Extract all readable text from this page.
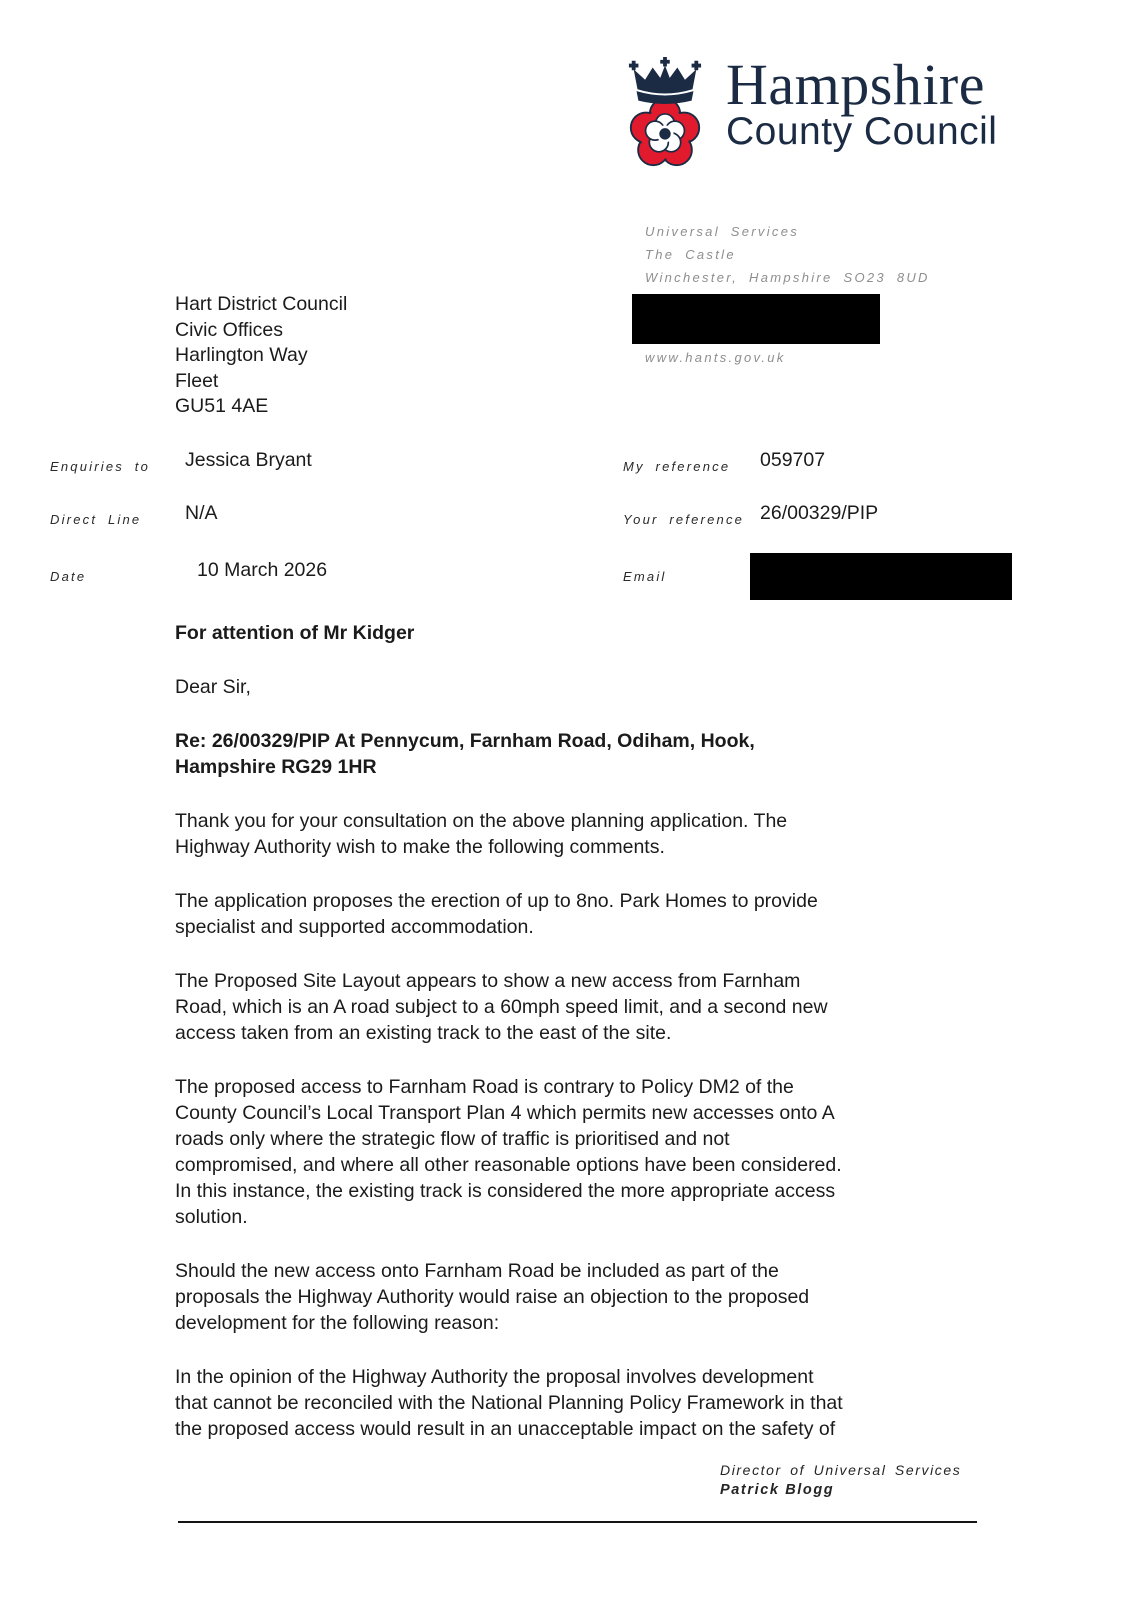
Hampshire
County Council
Universal Services
The Castle
Winchester, Hampshire SO23 8UD
www.hants.gov.uk
Hart District Council
Civic Offices
Harlington Way
Fleet
GU51 4AE
Enquiries to Jessica Bryant
Direct Line N/A
Date	10 March 2026
My reference 059707
Your reference 26/00329/PIP
Email
For attention of Mr Kidger
Dear Sir,
Re: 26/00329/PIP At Pennycum, Farnham Road, Odiham, Hook,
Hampshire RG29 1HR
Thank you for your consultation on the above planning application. The
Highway Authority wish to make the following comments.
The application proposes the erection of up to 8no. Park Homes to provide
specialist and supported accommodation.
The Proposed Site Layout appears to show a new access from Farnham
Road, which is an A road subject to a 60mph speed limit, and a second new
access taken from an existing track to the east of the site.
The proposed access to Farnham Road is contrary to Policy DM2 of the
County Council’s Local Transport Plan 4 which permits new accesses onto A
roads only where the strategic flow of traffic is prioritised and not
compromised, and where all other reasonable options have been considered.
In this instance, the existing track is considered the more appropriate access
solution.
Should the new access onto Farnham Road be included as part of the
proposals the Highway Authority would raise an objection to the proposed
development for the following reason:
In the opinion of the Highway Authority the proposal involves development
that cannot be reconciled with the National Planning Policy Framework in that
the proposed access would result in an unacceptable impact on the safety of
Director of Universal Services
Patrick Blogg
